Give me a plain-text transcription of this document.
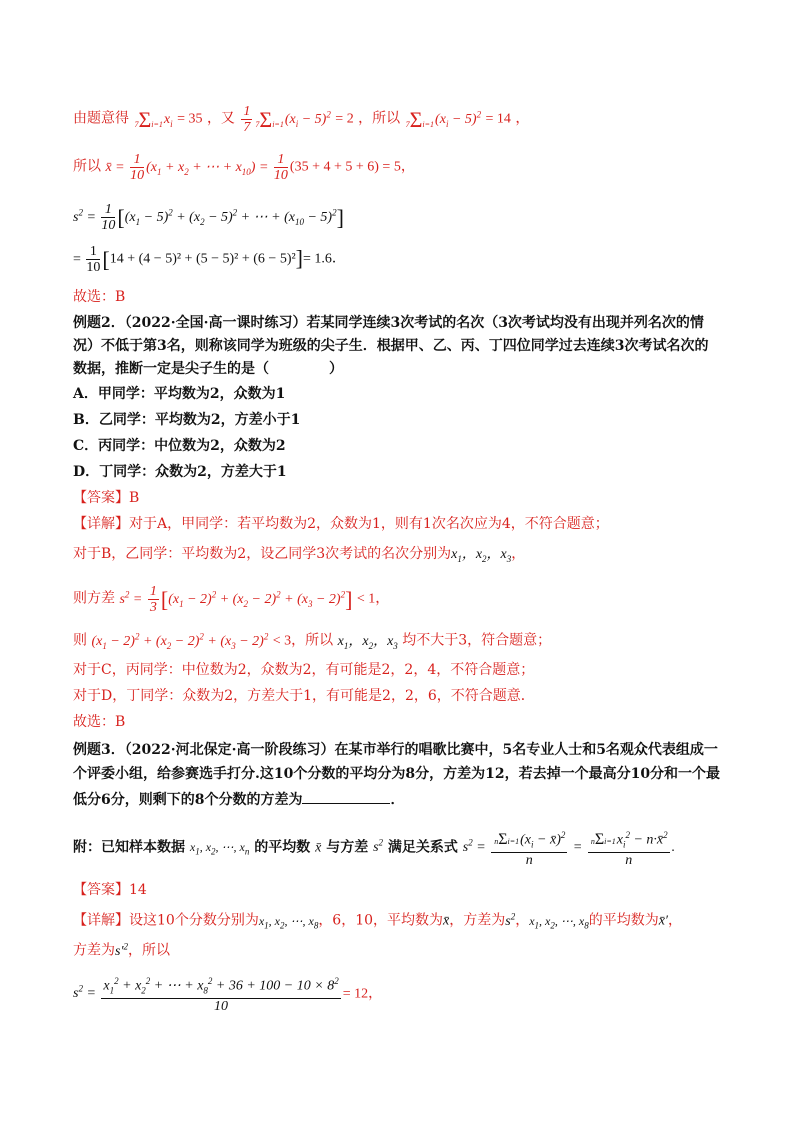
由题意得 $7\Sigma i=1x_i = 35$ ，又 $\frac{1}{7} 7\Sigma i=1(x_i - 5)^2 = 2$ ，所以 $7\Sigma i=1(x_i - 5)^2 = 14$ ，
所以 x̄ = $\frac{1}{10} (x_1 + x_2$ + ⋯ + $x_{10}) = \frac{1}{10} (35 + 4 + 5 + 6) = 5$，
$s^2 = \frac{1}{10} [(x_1 - 5)^2 + (x_2 - 5)^2$ + ⋯ + $(x_{10} - 5)^2$]
= $\frac{1}{10} [14 + (4 - 5)^2 + (5 - 5)^2 + (6 - 5)^2]= 1.6$．
故选：B
例题2．（2022·全国·高一课时练习）若某同学连续3次考试的名次（3次考试均没有出现并列名次的情
况）不低于第3名，则称该同学为班级的尖子生．根据甲、乙、丙、丁四位同学过去连续3次考试名次的
数据，推断一定是尖子生的是（	）
A．甲同学：平均数为2，众数为1
B．乙同学：平均数为2，方差小于1
C．丙同学：中位数为2，众数为2
D．丁同学：众数为2，方差大于1
【答案】B
【详解】对于A，甲同学：若平均数为2，众数为1，则有1次名次应为4，不符合题意；
对于B，乙同学：平均数为2，设乙同学3次考试的名次分别为$x_1$，$x_2$，$x_3$，
则方差 $s^2 = \frac{1}{3} [(x_1 - 2)^2 + (x_2 - 2)^2 + (x_3 - 2)^2] < 1$，
则 $(x_1 - 2)^2 + (x_2 - 2)^2 + (x_3 - 2)^2 < 3$，所以 $x_1$，$x_2$，$x_3$ 均不大于3，符合题意；
对于C，丙同学：中位数为2，众数为2，有可能是2，2，4，不符合题意；
对于D，丁同学：众数为2，方差大于1，有可能是2，2，6，不符合题意．
故选：B
例题3．（2022·河北保定·高一阶段练习）在某市举行的唱歌比赛中，5名专业人士和5名观众代表组成一
个评委小组，给参赛选手打分.这10个分数的平均分为8分，方差为12，若去掉一个最高分10分和一个最
低分6分，则剩下的8个分数的方差为	．
附：已知样本数据 $x_1$, $x_2$, ⋯, $x_n$ 的平均数 x̄ 与方差 $s^2$ 满足关系式 $s^2 = \frac{n\Sigma i=1(x_i - x̄)^2}{n} = \frac{n\Sigma i=1x_i^2 - n\cdot x̄^2}{n}$ .
【答案】14
【详解】设这10个分数分别为$x_1$, $x_2$, ⋯, $x_8$，6，10，平均数为x̄，方差为$s^2$，$x_1$, $x_2$, ⋯, $x_8$的平均数为x̄′，
方差为$s'^2$，所以
$s^2 = \frac{x_1^2 + x_2^2 + \cdots + x_8^2 + 36 + 100 - 10 \times 8^2}{10} = 12$，
